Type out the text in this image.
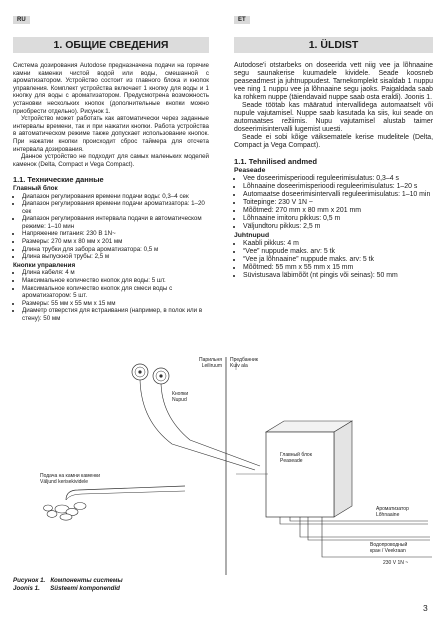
RU	ET
1. ОБЩИЕ СВЕДЕНИЯ	1. ÜLDIST

Система дозирования Autodose предназначена подачи на горячие камни каменки чистой водой или воды, смешанной с ароматизатором. Устройство состоит из главного блока и кнопок управления. Комплект устройства включает 1 кнопку для воды и 1 кнопку для воды с ароматизатором. Предусмотрена возможность установки нескольких кнопок (дополнительные кнопки можно приобрести отдельно). Рисунок 1.

Устройство может работать как автоматически через заданные интервалы времени, так и при нажатии кнопки. Работа устройства в автоматическом режиме также допускает использование кнопок. При нажатии кнопки происходит сброс таймера для отсчета интервала дозирования.

Данное устройство не подходит для самых маленьких моделей каменок (Delta, Compact и Vega Compact).

1.1. Технические данные
Главный блок
• Диапазон регулирования времени подачи воды: 0,3–4 сек
• Диапазон регулирования времени подачи ароматизатора: 1–20 сек
• Диапазон регулирования интервала подачи в автоматическом режиме: 1–10 мин
• Напряжение питания: 230 В 1N~
• Размеры: 270 мм x 80 мм x 201 мм
• Длина трубки для забора ароматизатора: 0,5 м
• Длина выпускной трубы: 2,5 м
Кнопки управления
• Длина кабеля: 4 м
• Максимальное количество кнопок для воды: 5 шт.
• Максимальное количество кнопок для смеси воды с ароматизатором: 5 шт.
• Размеры: 55 мм x 55 мм x 15 мм
• Диаметр отверстия для встраивания (например, в полок или в стену): 50 мм

Autodose'i otstarbeks on doseerida vett niig vee ja lõhnaaine segu saunakerise kuumadele kividele. Seade koosneb peaseadmest ja juhtnuppudest. Tarnekomplekt sisaldab 1 nuppu vee ning 1 nuppu vee ja lõhnaaine segu jaoks. Paigaldada saab ka rohkem nuppe (täiendavaid nuppe saab osta eraldi). Joonis 1.

Seade töötab kas määratud intervallidega automaatselt või nupule vajutamisel. Nuppe saab kasutada ka siis, kui seade on automaatses režiimis. Nupu vajutamisel alustab taimer doseerimisintervalli lugemist uuesti.

Seade ei sobi kõige väiksematele kerise mudelitele (Delta, Compact ja Vega Compact).

1.1. Tehnilised andmed
Peaseade
• Vee doseerimisperioodi reguleerimisulatus: 0,3–4 s
• Lõhnaaine doseerimisperioodi reguleerimisulatus: 1–20 s
• Automaatse doseerimisintervalli reguleerimisulatus: 1–10 min
• Toitepinge: 230 V 1N ~
• Mõõtmed: 270 mm x 80 mm x 201 mm
• Lõhnaaine imitoru pikkus: 0,5 m
• Väljundtoru pikkus: 2,5 m
Juhtnupud
• Kaabli pikkus: 4 m
• “Vee” nuppude maks. arv: 5 tk
• “Vee ja lõhnaaine” nuppude maks. arv: 5 tk
• Mõõtmed: 55 mm x 55 mm x 15 mm
• Süvistusava läbimõõt (nt pingis või seinas): 50 mm
Парильня
Leiliruum
Предбанник
Kuiv ala
Кнопки
Nupud
Подача на камни каменки
Väljund kerisekividele
Главный блок
Peaseade
Ароматизатор
Lõhnaaine
Водопроводный
кран / Veekraan
230 V 1N ~
Рисунок 1. Компоненты системы
Joonis 1. Süsteemi komponendid
3
